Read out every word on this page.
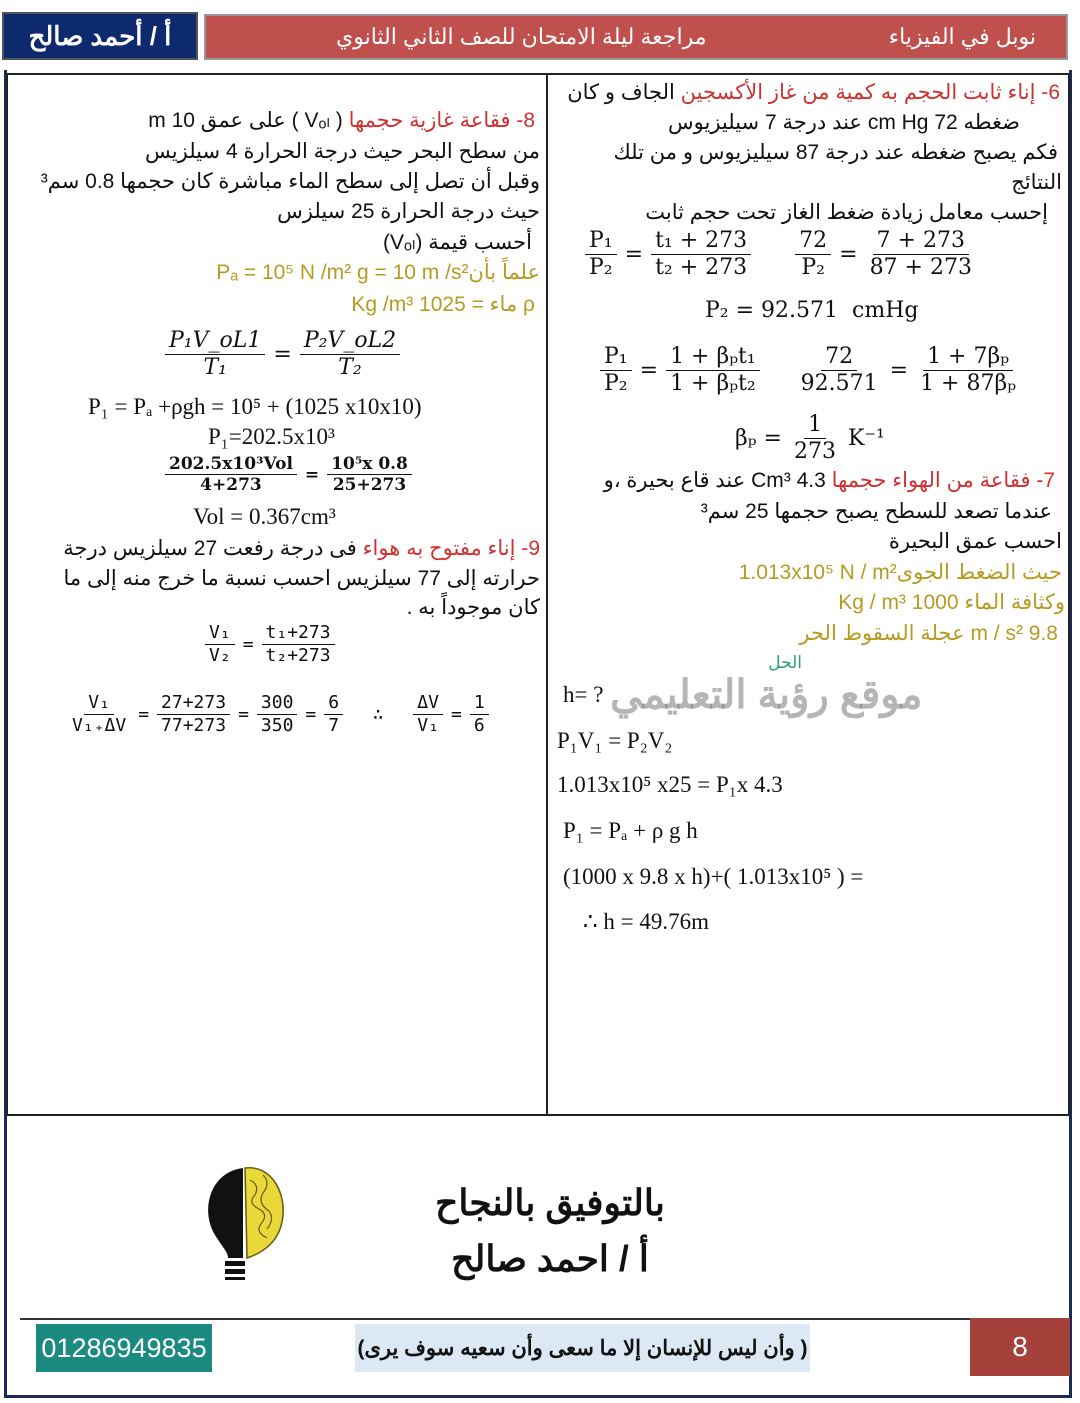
أ / أحمد صالح	نوبل في الفيزياء
مراجعة ليلة الامتحان للصف الثاني الثانوي
6- إناء ثابت الحجم به كمية من غاز الأكسجين الجاف و كان
ضغطه 72 cm Hg عند درجة 7 سيليزيوس
فكم يصبح ضغطه عند درجة 87 سيليزيوس و من تلك
النتائج
إحسب معامل زيادة ضغط الغاز تحت حجم ثابت
$\frac{\text{P₁}}{\text{P₂}} = \frac{\text{t₁ + 273}}{\text{t₂ + 273}}$
$\frac{72}{\text{P₂}} = \frac{7 + 273}{87 + 273}$
P₂ = 92.571  cmHg
$\frac{\text{P₁}}{\text{P₂}} = \frac{\text{1 + βₚt₁}}{\text{1 + βₚt₂}}$
$\frac{72}{92.571} = \frac{\text{1 + 7βₚ}}{\text{1 + 87βₚ}}$
$\beta_p = \frac{1}{273} K^{-1}$
7- فقاعة من الهواء حجمها 4.3 Cm³ عند قاع بحيرة ،و
عندما تصعد للسطح يصبح حجمها 25 سم³
احسب عمق البحيرة
حيث الضغط الجوى1.013x10⁵ N / m²
وكثافة الماء 1000 Kg / m³
9.8 m / s² عجلة السقوط الحر
الحل
موقع رؤية التعليمي
h= ?
P₁V₁ = P₂V₂
1.013x10⁵ x25 = P₁x 4.3
P₁ = Pₐ + ρ g h
(1000 x 9.8 x h)+( 1.013x10⁵ ) =
∴ h = 49.76m
8- فقاعة غازية حجمها ( Vₒₗ ) على عمق 10 m
من سطح البحر حيث درجة الحرارة 4 سيلزيس
وقبل أن تصل إلى سطح الماء مباشرة كان حجمها 0.8 سم³
حيث درجة الحرارة 25 سيلزس
أحسب قيمة (Vₒₗ)
علماً بأنPₐ = 10⁵ N /m² g = 10 m /s²
ρ ماء = 1025 Kg /m³
$\frac{\text{P₁V\_oL1}}{\text{T₁}} = \frac{\text{P₂V\_oL2}}{\text{T₂}}$
P₁ = Pₐ +ρgh = 10⁵ + (1025 x10x10)
P₁=202.5x10³
$\frac{\text{202.5x10³Vol}}{4+273} = \frac{\text{10⁵x 0.8}}{25+273}$
Vol = 0.367cm³
9- إناء مفتوح به هواء فى درجة رفعت 27 سيلزيس درجة
حرارته إلى 77 سيلزيس احسب نسبة ما خرج منه إلى ما
كان موجوداً به .
$\frac{\text{V₁}}{\text{V₂}} = \frac{\text{t₁+273}}{\text{t₂+273}}$
$\frac{\text{V₁}}{\text{V₁₊ΔV}} = \frac{27+273}{77+273} = \frac{300}{350} = \frac{6}{7}$ ∴ $\frac{\Delta V}{\text{V₁}} = \frac{1}{6}$
بالتوفيق بالنجاح
أ / احمد صالح
01286949835	( وأن ليس للإنسان إلا ما سعى وأن سعيه سوف يرى)	8
